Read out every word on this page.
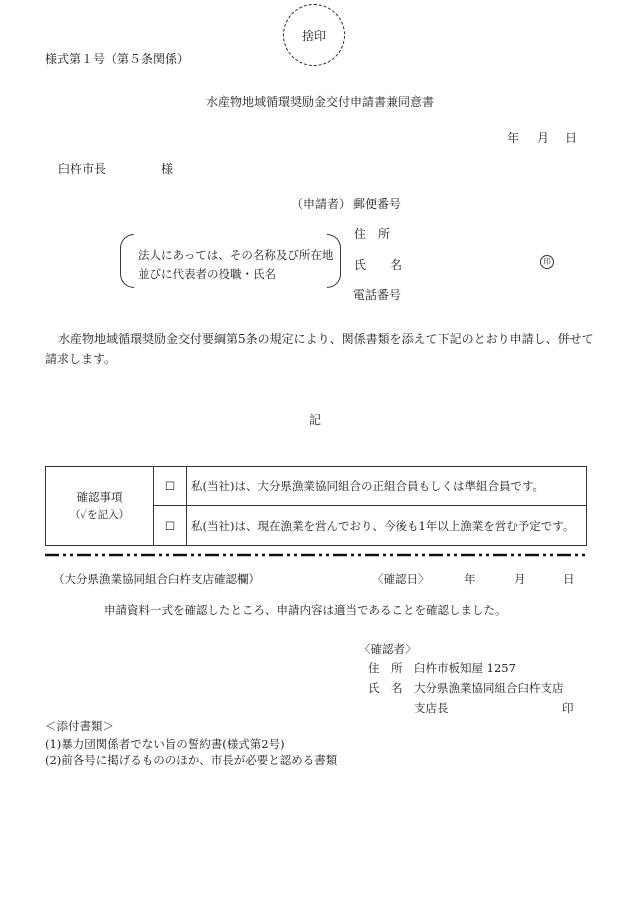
捨印
様式第１号（第５条関係）
水産物地域循環奨励金交付申請書兼同意書
年 月 日
臼杵市長	様
（申請者） 郵便番号
住　所
法人にあっては、その名称及び所在地
並びに代表者の役職・氏名
氏　　名	印
電話番号
水産物地域循環奨励金交付要綱第5条の規定により、関係書類を添えて下記のとおり申請し、併せて
請求します。
記
確認事項
（✓を記入）	☐	私(当社)は、大分県漁業協同組合の正組合員もしくは準組合員です。
	☐	私(当社)は、現在漁業を営んでおり、今後も1年以上漁業を営む予定です。
（大分県漁業協同組合臼杵支店確認欄）	〈確認日〉	年	月	日
申請資料一式を確認したところ、申請内容は適当であることを確認しました。
〈確認者〉
住　所 臼杵市板知屋 1257
氏　名 大分県漁業協同組合臼杵支店
支店長	印
＜添付書類＞
(1)暴力団関係者でない旨の誓約書(様式第2号)
(2)前各号に掲げるもののほか、市長が必要と認める書類
